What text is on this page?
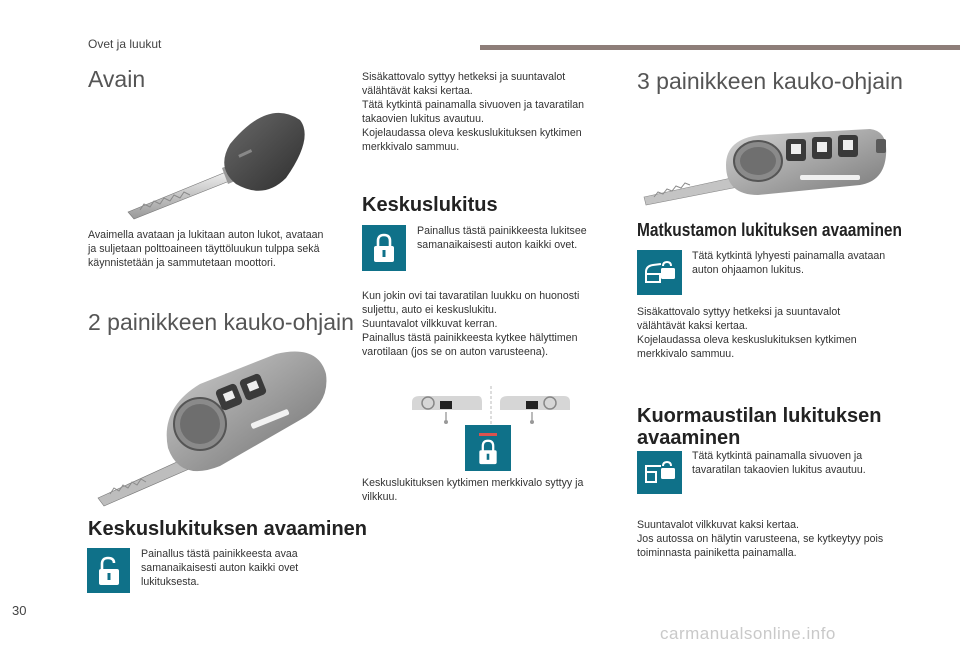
Ovet ja luukut
Avain

Avaimella avataan ja lukitaan auton lukot, avataan ja suljetaan polttoaineen täyttöluukun tulppa sekä käynnistetään ja sammutetaan moottori.

2 painikkeen kauko-ohjain
Keskuslukituksen avaaminen

Painallus tästä painikkeesta avaa samanaikaisesti auton kaikki ovet lukituksesta.

Sisäkattovalo syttyy hetkeksi ja suuntavalot välähtävät kaksi kertaa.
Tätä kytkintä painamalla sivuoven ja tavaratilan takaovien lukitus avautuu.
Kojelaudassa oleva keskuslukituksen kytkimen merkkivalo sammuu.

Keskuslukitus

Painallus tästä painikkeesta lukitsee samanaikaisesti auton kaikki ovet.

Kun jokin ovi tai tavaratilan luukku on huonosti suljettu, auto ei keskuslukitu.
Suuntavalot vilkkuvat kerran.
Painallus tästä painikkeesta kytkee hälyttimen varotilaan (jos se on auton varusteena).

Keskuslukituksen kytkimen merkkivalo syttyy ja vilkkuu.

3 painikkeen kauko-ohjain
Matkustamon lukituksen avaaminen

Tätä kytkintä lyhyesti painamalla avataan auton ohjaamon lukitus.

Sisäkattovalo syttyy hetkeksi ja suuntavalot välähtävät kaksi kertaa.
Kojelaudassa oleva keskuslukituksen kytkimen merkkivalo sammuu.

Kuormaustilan lukituksen avaaminen

Tätä kytkintä painamalla sivuoven ja tavaratilan takaovien lukitus avautuu.

Suuntavalot vilkkuvat kaksi kertaa.
Jos autossa on hälytin varusteena, se kytkeytyy pois toiminnasta painiketta painamalla.

30
carmanualsonline.info
